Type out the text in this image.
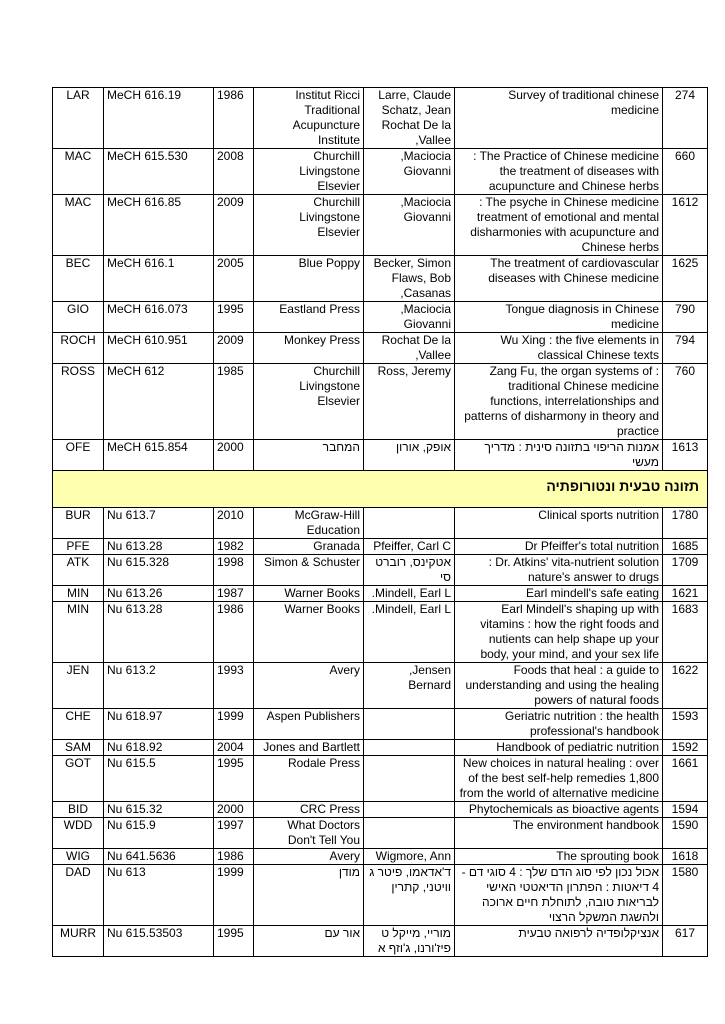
LAR	MeCH 616.19	1986	Institut Ricci Traditional Acupuncture Institute	Larre, Claude Schatz, Jean Rochat De la ,Vallee	Survey of traditional chinese medicine	274
MAC	MeCH 615.530	2008	Churchill Livingstone Elsevier	,Maciocia Giovanni	: The Practice of Chinese medicine the treatment of diseases with acupuncture and Chinese herbs	660
MAC	MeCH 616.85	2009	Churchill Livingstone Elsevier	,Maciocia Giovanni	: The psyche in Chinese medicine treatment of emotional and mental disharmonies with acupuncture and Chinese herbs	1612
BEC	MeCH 616.1	2005	Blue Poppy	Becker, Simon Flaws, Bob ,Casanas	The treatment of cardiovascular diseases with Chinese medicine	1625
GIO	MeCH 616.073	1995	Eastland Press	,Maciocia Giovanni	Tongue diagnosis in Chinese medicine	790
ROCH	MeCH 610.951	2009	Monkey Press	Rochat De la ,Vallee	Wu Xing : the five elements in classical Chinese texts	794
ROSS	MeCH 612	1985	Churchill Livingstone Elsevier	Ross, Jeremy	Zang Fu, the organ systems of : traditional Chinese medicine functions, interrelationships and patterns of disharmony in theory and practice	760
OFE	MeCH 615.854	2000	המחבר	אופק, אורון	אמנות הריפוי בתזונה סינית : מדריך מעשי	1613
תזונה טבעית ונטורופתיה						
BUR	Nu 613.7	2010	McGraw-Hill Education		Clinical sports nutrition	1780
PFE	Nu 613.28	1982	Granada	Pfeiffer, Carl C	Dr Pfeiffer's total nutrition	1685
ATK	Nu 615.328	1998	Simon & Schuster	אטקינס, רוברט סי	: Dr. Atkins' vita-nutrient solution nature's answer to drugs	1709
MIN	Nu 613.26	1987	Warner Books	.Mindell, Earl L	Earl mindell's safe eating	1621
MIN	Nu 613.28	1986	Warner Books	.Mindell, Earl L	Earl Mindell's shaping up with vitamins : how the right foods and nutients can help shape up your body, your mind, and your sex life	1683
JEN	Nu 613.2	1993	Avery	,Jensen Bernard	Foods that heal : a guide to understanding and using the healing powers of natural foods	1622
CHE	Nu 618.97	1999	Aspen Publishers		Geriatric nutrition : the health professional's handbook	1593
SAM	Nu 618.92	2004	Jones and Bartlett		Handbook of pediatric nutrition	1592
GOT	Nu 615.5	1995	Rodale Press		New choices in natural healing : over of the best self-help remedies 1,800 from the world of alternative medicine	1661
BID	Nu 615.32	2000	CRC Press		Phytochemicals as bioactive agents	1594
WDD	Nu 615.9	1997	What Doctors Don't Tell You		The environment handbook	1590
WIG	Nu 641.5636	1986	Avery	Wigmore, Ann	The sprouting book	1618
DAD	Nu 613	1999	מודן	ד'אדאמו, פיטר ג וויטני, קתרין	אכול נכון לפי סוג הדם שלך : 4 סוגי דם - 4 דיאטות : הפתרון הדיאטטי האישי לבריאות טובה, לתוחלת חיים ארוכה ולהשגת המשקל הרצוי	1580
MURR	Nu 615.53503	1995	אור עם	מוריי, מייקל ט פיז'ורנו, ג'וזף א	אנציקלופדיה לרפואה טבעית	617
